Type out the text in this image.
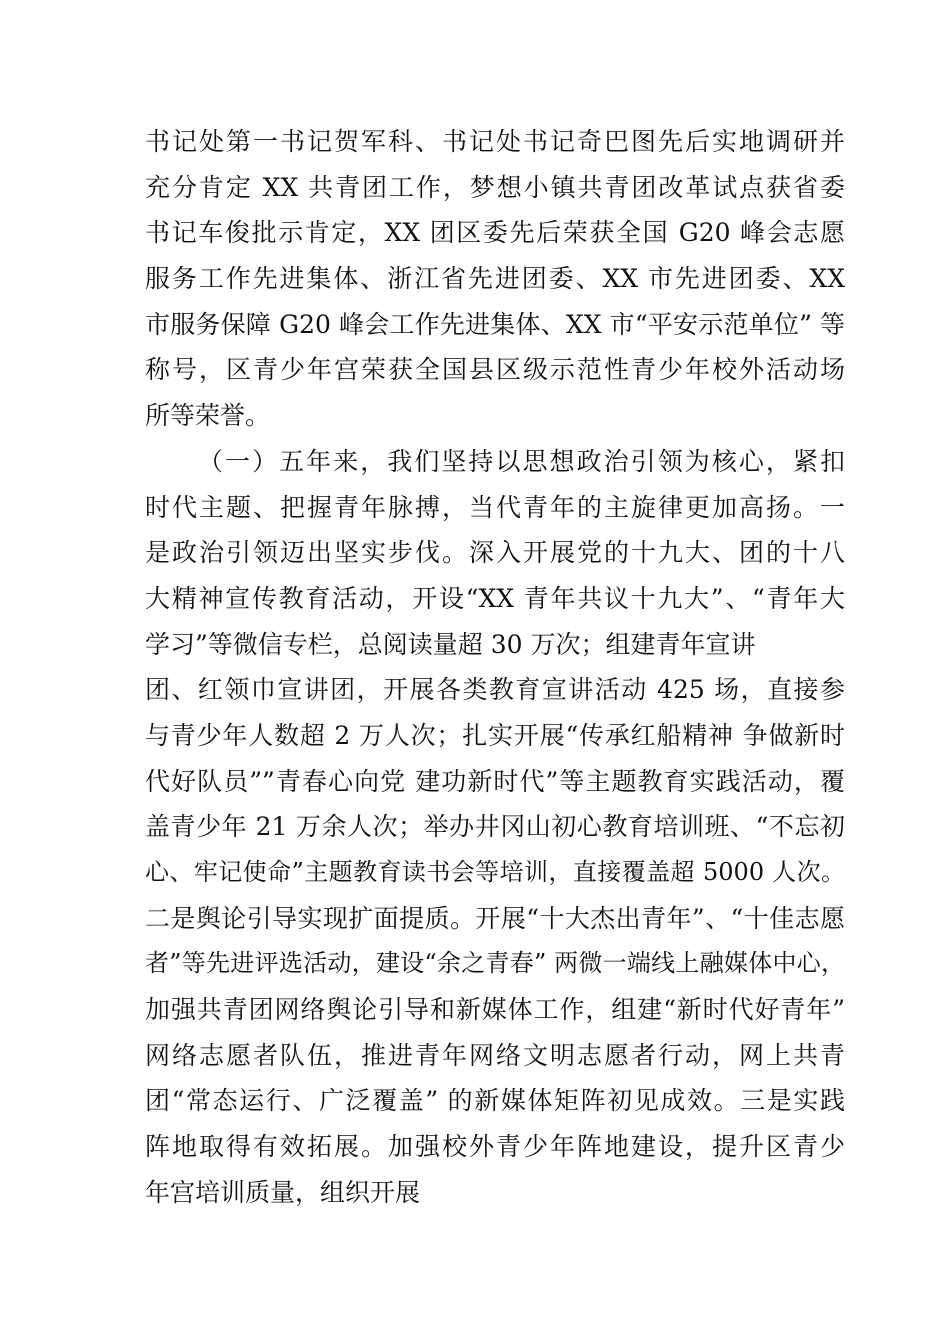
书记处第一书记贺军科、书记处书记奇巴图先后实地调研并
充分肯定 XX 共青团工作，梦想小镇共青团改革试点获省委
书记车俊批示肯定，XX 团区委先后荣获全国 G20 峰会志愿
服务工作先进集体、浙江省先进团委、XX 市先进团委、XX
市服务保障 G20 峰会工作先进集体、XX 市“平安示范单位” 等
称号，区青少年宫荣获全国县区级示范性青少年校外活动场
所等荣誉。
（一）五年来，我们坚持以思想政治引领为核心，紧扣
时代主题、把握青年脉搏，当代青年的主旋律更加高扬。一
是政治引领迈出坚实步伐。深入开展党的十九大、团的十八
大精神宣传教育活动，开设“XX 青年共议十九大”、“青年大
学习”等微信专栏，总阅读量超 30 万次；组建青年宣讲
团、红领巾宣讲团，开展各类教育宣讲活动 425 场，直接参
与青少年人数超 2 万人次；扎实开展“传承红船精神 争做新时
代好队员””青春心向党 建功新时代”等主题教育实践活动，覆
盖青少年 21 万余人次；举办井冈山初心教育培训班、“不忘初
心、牢记使命”主题教育读书会等培训，直接覆盖超 5000 人次。
二是舆论引导实现扩面提质。开展“十大杰出青年”、“十佳志愿
者”等先进评选活动，建设“余之青春” 两微一端线上融媒体中心，
加强共青团网络舆论引导和新媒体工作，组建“新时代好青年”
网络志愿者队伍，推进青年网络文明志愿者行动，网上共青
团“常态运行、广泛覆盖” 的新媒体矩阵初见成效。三是实践
阵地取得有效拓展。加强校外青少年阵地建设，提升区青少
年宫培训质量，组织开展
